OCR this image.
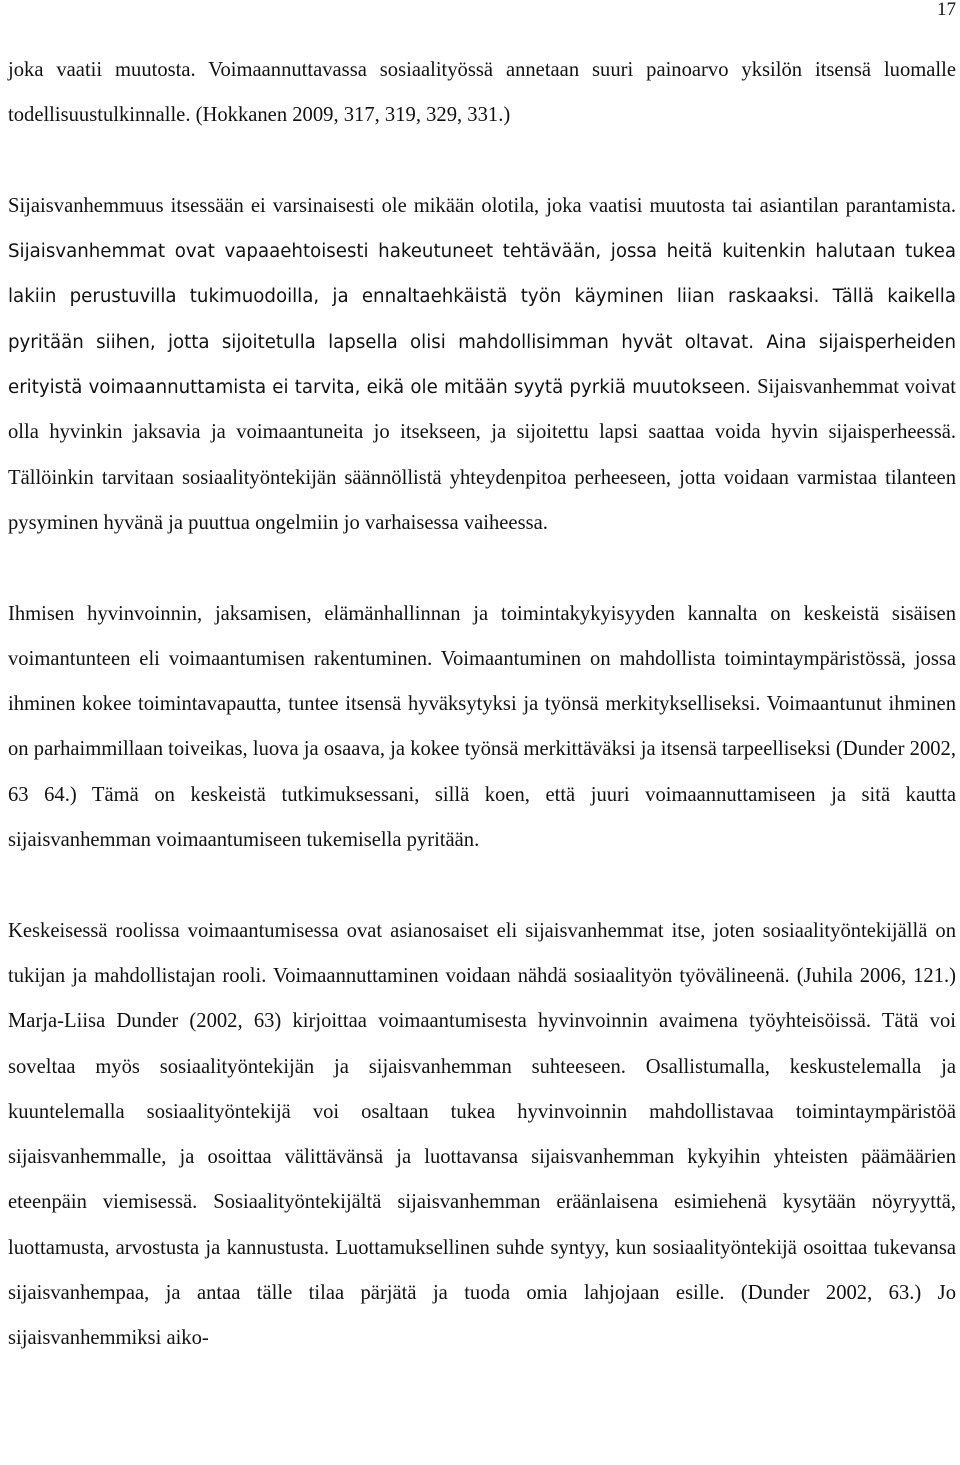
17

joka vaatii muutosta. Voimaannuttavassa sosiaalityössä annetaan suuri painoarvo yksilön itsensä luomalle todellisuustulkinnalle. (Hokkanen 2009, 317, 319, 329, 331.)

Sijaisvanhemmuus itsessään ei varsinaisesti ole mikään olotila, joka vaatisi muutosta tai asiantilan parantamista. Sijaisvanhemmat ovat vapaaehtoisesti hakeutuneet tehtävään, jossa heitä kuitenkin halutaan tukea lakiin perustuvilla tukimuodoilla, ja ennaltaehkäistä työn käyminen liian raskaaksi. Tällä kaikella pyritään siihen, jotta sijoitetulla lapsella olisi mahdollisimman hyvät oltavat. Aina sijaisperheiden erityistä voimaannuttamista ei tarvita, eikä ole mitään syytä pyrkiä muutokseen. Sijaisvanhemmat voivat olla hyvinkin jaksavia ja voimaantuneita jo itsekseen, ja sijoitettu lapsi saattaa voida hyvin sijaisperheessä. Tällöinkin tarvitaan sosiaalityöntekijän säännöllistä yhteydenpitoa perheeseen, jotta voidaan varmistaa tilanteen pysyminen hyvänä ja puuttua ongelmiin jo varhaisessa vaiheessa.

Ihmisen hyvinvoinnin, jaksamisen, elämänhallinnan ja toimintakykyisyyden kannalta on keskeistä sisäisen voimantunteen eli voimaantumisen rakentuminen. Voimaantuminen on mahdollista toimintaympäristössä, jossa ihminen kokee toimintavapautta, tuntee itsensä hyväksytyksi ja työnsä merkitykselliseksi. Voimaantunut ihminen on parhaimmillaan toiveikas, luova ja osaava, ja kokee työnsä merkittäväksi ja itsensä tarpeelliseksi (Dunder 2002, 63 64.) Tämä on keskeistä tutkimuksessani, sillä koen, että juuri voimaannuttamiseen ja sitä kautta sijaisvanhemman voimaantumiseen tukemisella pyritään.

Keskeisessä roolissa voimaantumisessa ovat asianosaiset eli sijaisvanhemmat itse, joten sosiaalityöntekijällä on tukijan ja mahdollistajan rooli. Voimaannuttaminen voidaan nähdä sosiaalityön työvälineenä. (Juhila 2006, 121.) Marja-Liisa Dunder (2002, 63) kirjoittaa voimaantumisesta hyvinvoinnin avaimena työyhteisöissä. Tätä voi soveltaa myös sosiaalityöntekijän ja sijaisvanhemman suhteeseen. Osallistumalla, keskustelemalla ja kuuntelemalla sosiaalityöntekijä voi osaltaan tukea hyvinvoinnin mahdollistavaa toimintaympäristöä sijaisvanhemmalle, ja osoittaa välittävänsä ja luottavansa sijaisvanhemman kykyihin yhteisten päämäärien eteenpäin viemisessä. Sosiaalityöntekijältä sijaisvanhemman eräänlaisena esimiehenä kysytään nöyryyttä, luottamusta, arvostusta ja kannustusta. Luottamuksellinen suhde syntyy, kun sosiaalityöntekijä osoittaa tukevansa sijaisvanhempaa, ja antaa tälle tilaa pärjätä ja tuoda omia lahjojaan esille. (Dunder 2002, 63.) Jo sijaisvanhemmiksi aiko-
